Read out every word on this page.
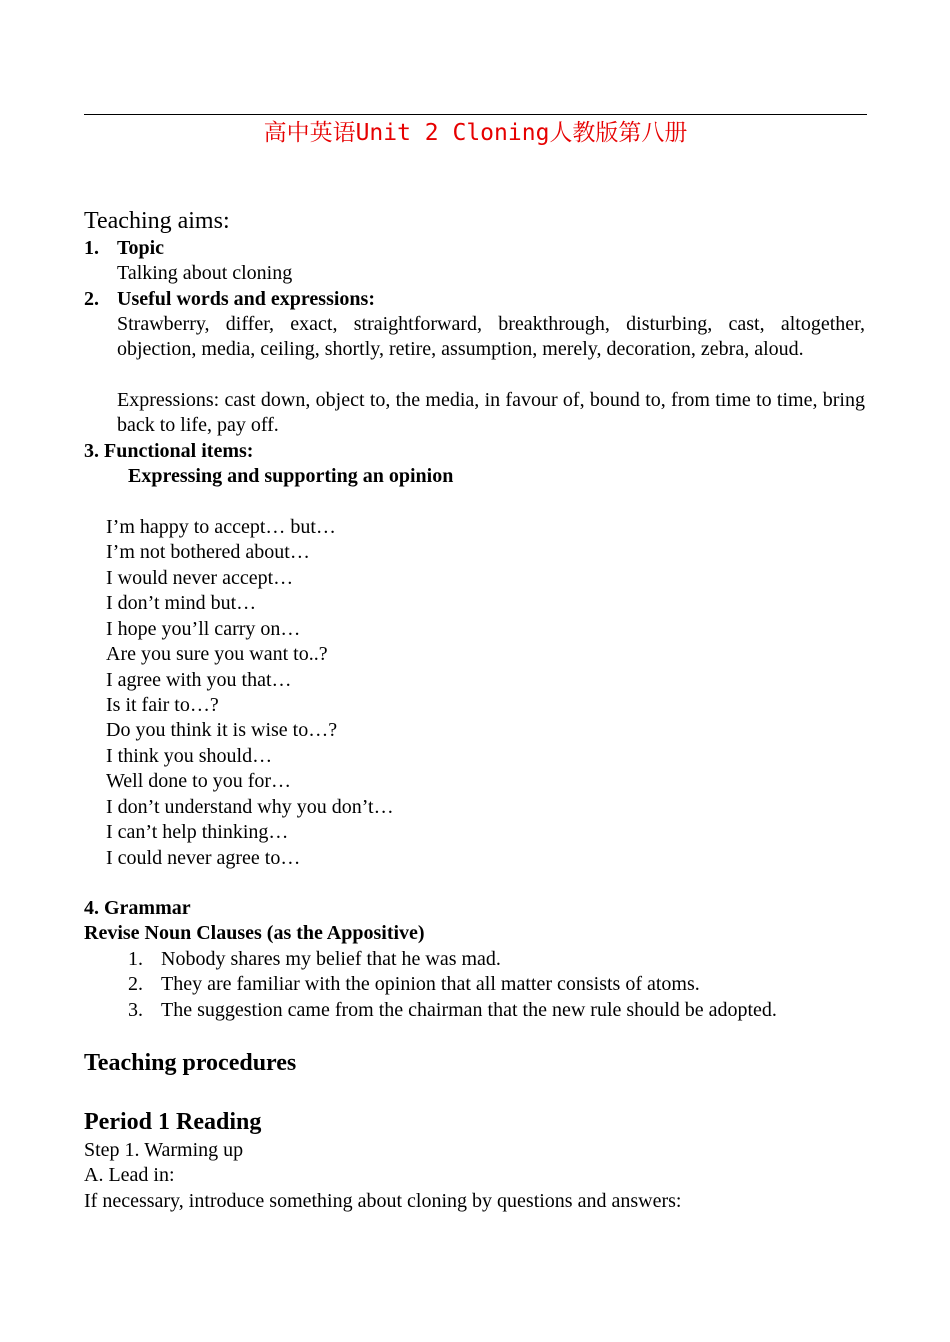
高中英语Unit 2 Cloning人教版第八册
Teaching aims:
1. Topic
Talking about cloning
2. Useful words and expressions:
Strawberry, differ, exact, straightforward, breakthrough, disturbing, cast, altogether, objection, media, ceiling, shortly, retire, assumption, merely, decoration, zebra, aloud.
Expressions: cast down, object to, the media, in favour of, bound to, from time to time, bring back to life, pay off.
3. Functional items:
Expressing and supporting an opinion
I’m happy to accept… but…
I’m not bothered about…
I would never accept…
I don’t mind but…
I hope you’ll carry on…
Are you sure you want to..?
I agree with you that…
Is it fair to…?
Do you think it is wise to…?
I think you should…
Well done to you for…
I don’t understand why you don’t…
I can’t help thinking…
I could never agree to…
4. Grammar
Revise Noun Clauses (as the Appositive)
1. Nobody shares my belief that he was mad.
2. They are familiar with the opinion that all matter consists of atoms.
3. The suggestion came from the chairman that the new rule should be adopted.
Teaching procedures
Period 1 Reading
Step 1. Warming up
A. Lead in:
If necessary, introduce something about cloning by questions and answers:
